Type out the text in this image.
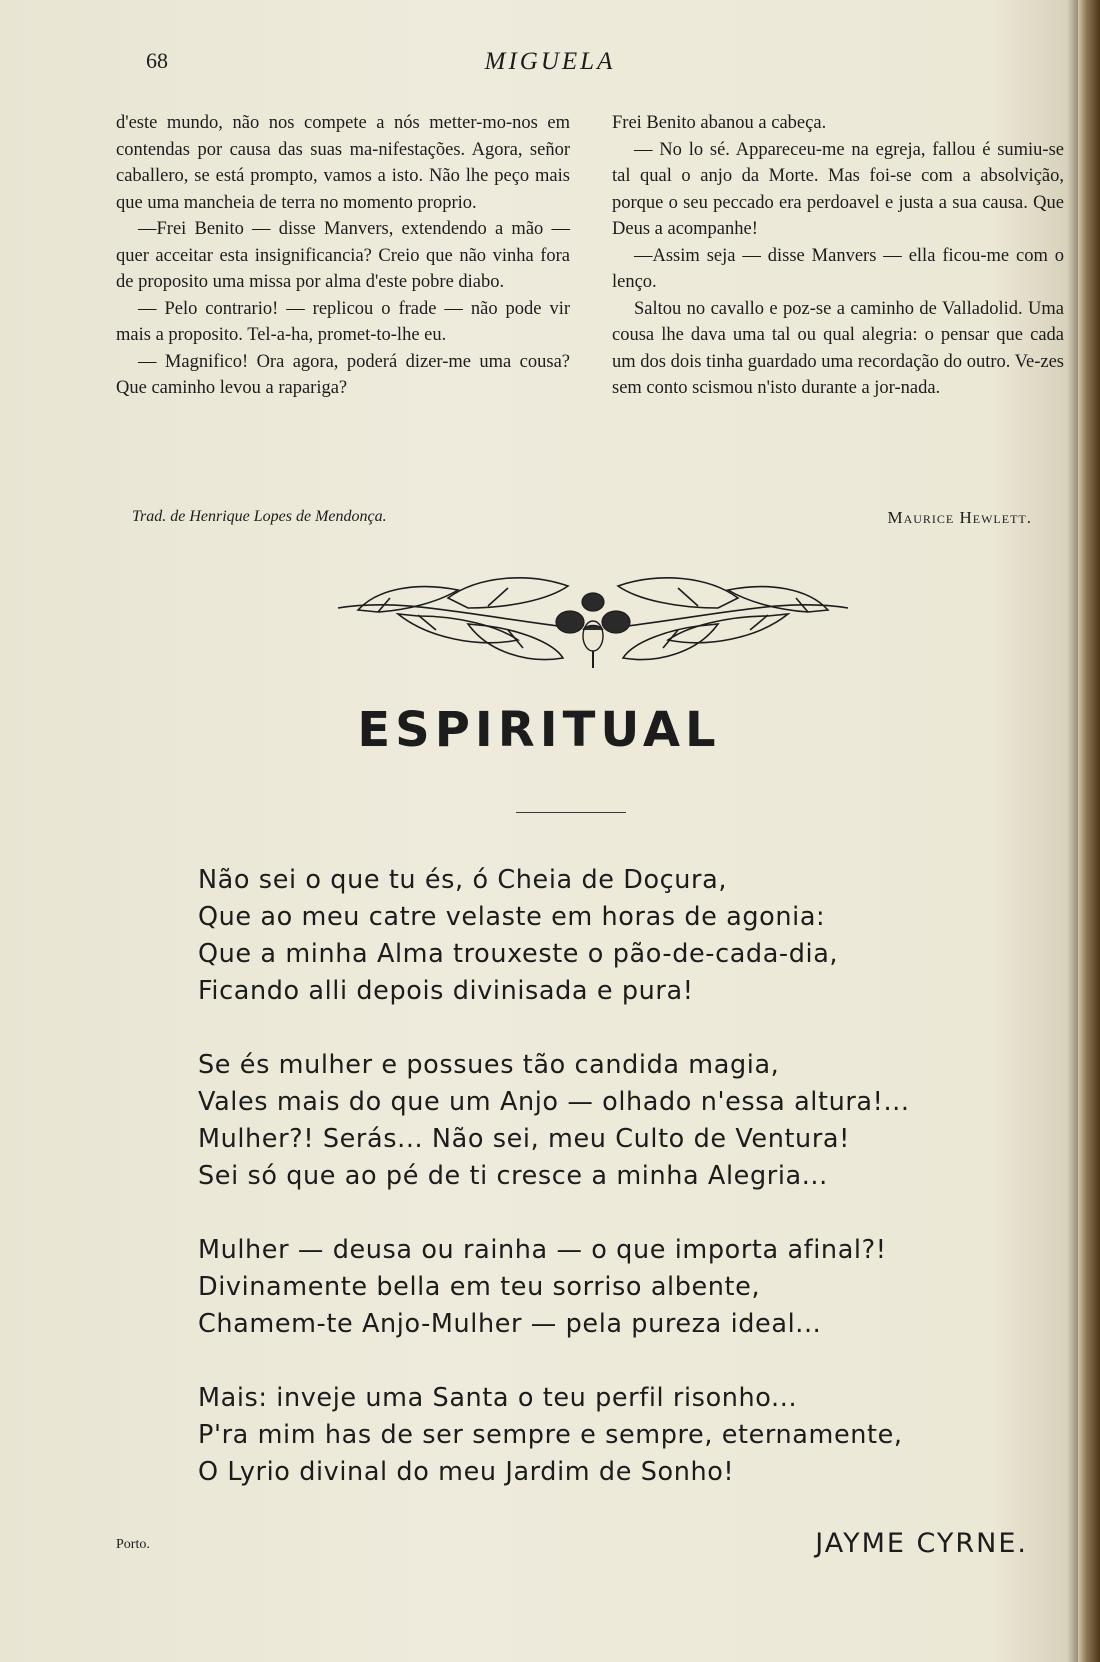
68	MIGUELA

d'este mundo, não nos compete a nós metter-mo-nos em contendas por causa das suas ma-nifestações. Agora, señor caballero, se está prompto, vamos a isto. Não lhe peço mais que uma mancheia de terra no momento proprio.

—Frei Benito — disse Manvers, extendendo a mão — quer acceitar esta insignificancia? Creio que não vinha fora de proposito uma missa por alma d'este pobre diabo.

— Pelo contrario! — replicou o frade — não pode vir mais a proposito. Tel-a-ha, promet-to-lhe eu.

— Magnifico! Ora agora, poderá dizer-me uma cousa? Que caminho levou a rapariga?

Frei Benito abanou a cabeça.

— No lo sé. Appareceu-me na egreja, fallou é sumiu-se tal qual o anjo da Morte. Mas foi-se com a absolvição, porque o seu peccado era perdoavel e justa a sua causa. Que Deus a acompanhe!

—Assim seja — disse Manvers — ella ficou-me com o lenço.

Saltou no cavallo e poz-se a caminho de Valladolid. Uma cousa lhe dava uma tal ou qual alegria: o pensar que cada um dos dois tinha guardado uma recordação do outro. Ve-zes sem conto scismou n'isto durante a jor-nada.

Trad. de Henrique Lopes de Mendonça.	Maurice Hewlett.
ESPIRITUAL
Não sei o que tu és, ó Cheia de Doçura,
Que ao meu catre velaste em horas de agonia:
Que a minha Alma trouxeste o pão-de-cada-dia,
Ficando alli depois divinisada e pura!
Se és mulher e possues tão candida magia,
Vales mais do que um Anjo — olhado n'essa altura!...
Mulher?! Serás... Não sei, meu Culto de Ventura!
Sei só que ao pé de ti cresce a minha Alegria...
Mulher — deusa ou rainha — o que importa afinal?!
Divinamente bella em teu sorriso albente,
Chamem-te Anjo-Mulher — pela pureza ideal...
Mais: inveje uma Santa o teu perfil risonho...
P'ra mim has de ser sempre e sempre, eternamente,
O Lyrio divinal do meu Jardim de Sonho!
Porto.	JAYME CYRNE.
